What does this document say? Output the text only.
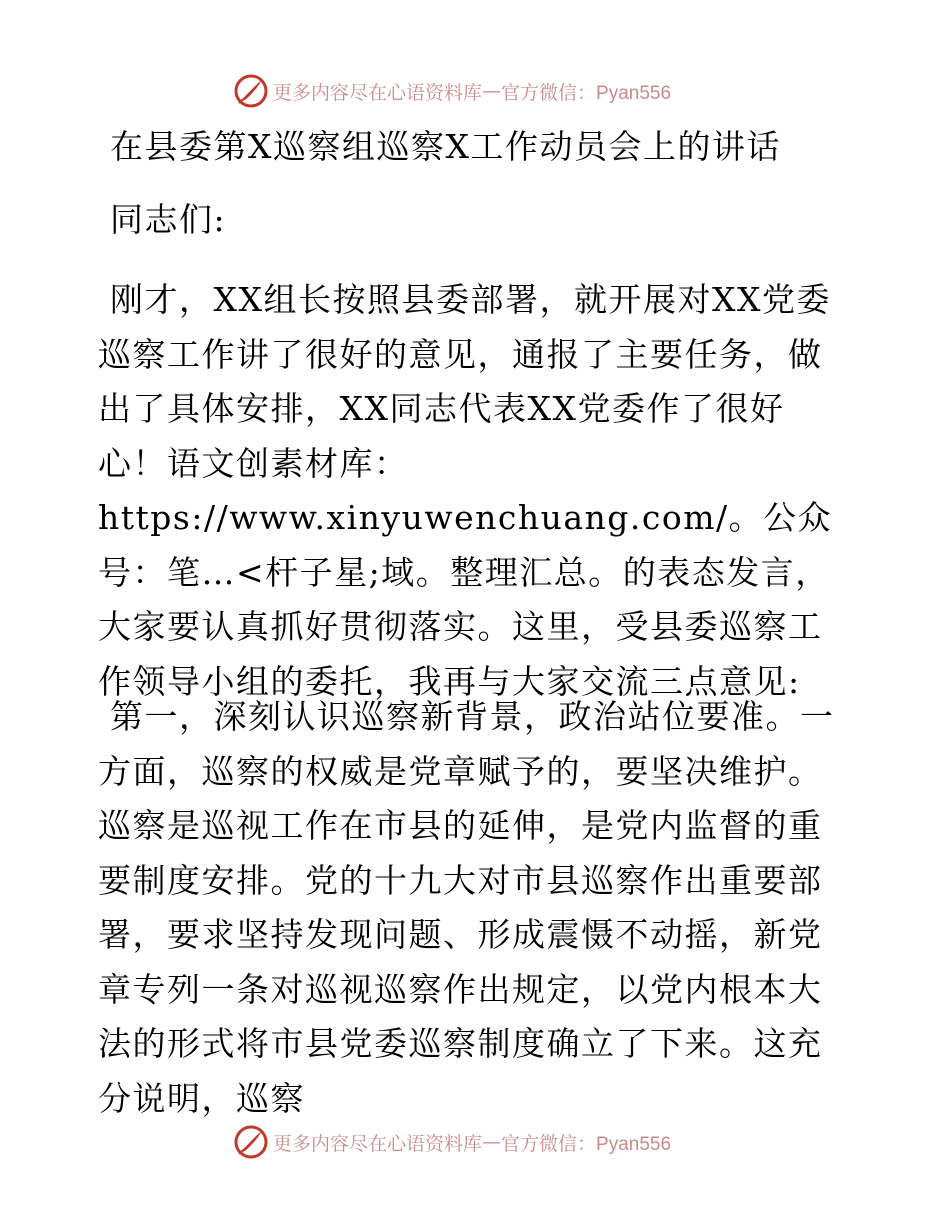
更多内容尽在心语资料库 — 官方微信：Pyan556

在县委第X巡察组巡察X工作动员会上的讲话

同志们:

刚才，XX组长按照县委部署，就开展对XX党委巡察工作讲了很好的意见，通报了主要任务，做出了具体安排，XX同志代表XX党委作了很好心！语文创素材库：https://www.xinyuwenchuang.com/。公众号：笔…<杆子星;域。整理汇总。的表态发言，大家要认真抓好贯彻落实。这里，受县委巡察工作领导小组的委托，我再与大家交流三点意见:

第一，深刻认识巡察新背景，政治站位要准。一方面，巡察的权威是党章赋予的，要坚决维护。巡察是巡视工作在市县的延伸，是党内监督的重要制度安排。党的十九大对市县巡察作出重要部署，要求坚持发现问题、形成震慑不动摇，新党章专列一条对巡视巡察作出规定，以党内根本大法的形式将市县党委巡察制度确立了下来。这充分说明，巡察

更多内容尽在心语资料库 — 官方微信：Pyan556
